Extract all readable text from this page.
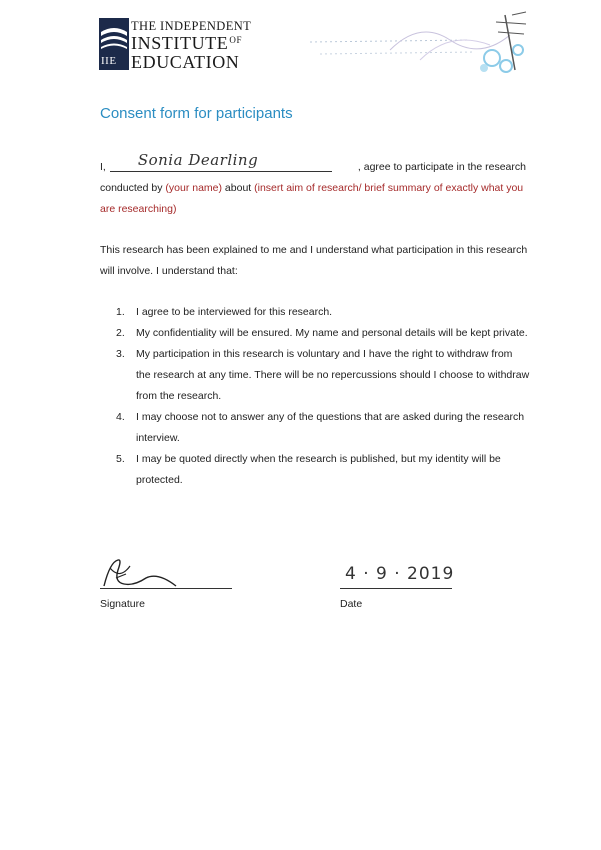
IIE
THE INDEPENDENT
$INSTITUTE^{OF}$
EDUCATION
Consent form for participants
I, Sonia Dearling	, agree to participate in the research
conducted by (your name) about (insert aim of research/ brief summary of exactly what you
are researching)
This research has been explained to me and I understand what participation in this research
will involve. I understand that:
1. I agree to be interviewed for this research.
2. My confidentiality will be ensured. My name and personal details will be kept private.
3. My participation in this research is voluntary and I have the right to withdraw from
the research at any time. There will be no repercussions should I choose to withdraw
from the research.
4. I may choose not to answer any of the questions that are asked during the research
interview.
5. I may be quoted directly when the research is published, but my identity will be
protected.
Signature
4 · 9 · 2019
Date
